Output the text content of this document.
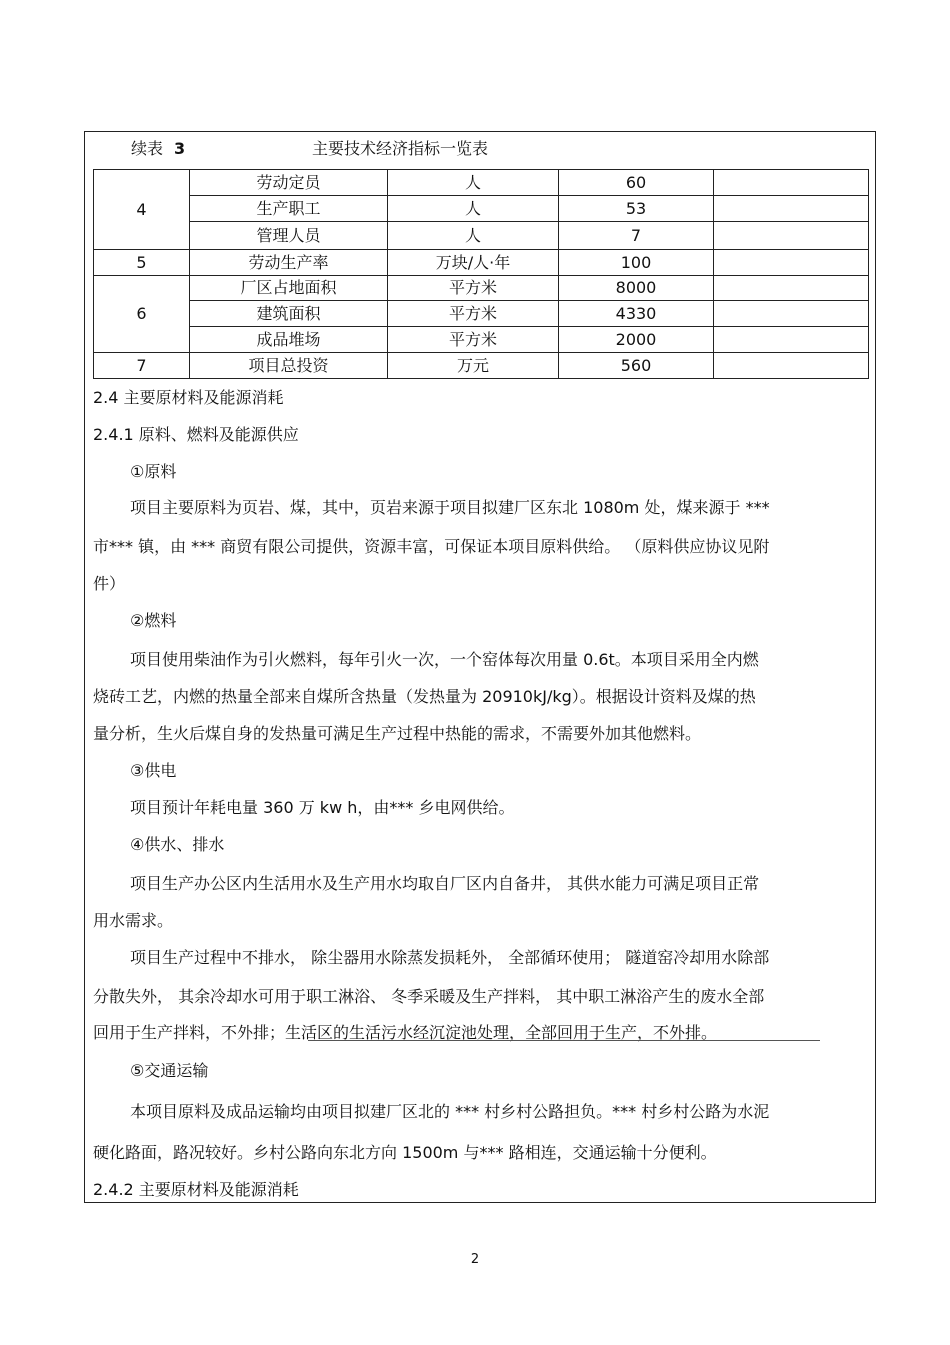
续表 3	主要技术经济指标一览表
4	劳动定员	人	60	
	生产职工	人	53	
	管理人员	人	7	
5	劳动生产率	万块/人·年	100	
6	厂区占地面积	平方米	8000	
	建筑面积	平方米	4330	
	成品堆场	平方米	2000	
7	项目总投资	万元	560	
2.4 主要原材料及能源消耗
2.4.1 原料、燃料及能源供应
①原料
项目主要原料为页岩、煤，其中，页岩来源于项目拟建厂区东北 1080m 处，煤来源于 ***
市*** 镇，由 *** 商贸有限公司提供，资源丰富，可保证本项目原料供给。 （原料供应协议见附
件）
②燃料
项目使用柴油作为引火燃料，每年引火一次，一个窑体每次用量 0.6t。本项目采用全内燃
烧砖工艺，内燃的热量全部来自煤所含热量（发热量为 20910kJ/kg）。根据设计资料及煤的热
量分析，生火后煤自身的发热量可满足生产过程中热能的需求，不需要外加其他燃料。
③供电
项目预计年耗电量 360 万 kw h，由*** 乡电网供给。
④供水、排水
项目生产办公区内生活用水及生产用水均取自厂区内自备井， 其供水能力可满足项目正常
用水需求。
项目生产过程中不排水， 除尘器用水除蒸发损耗外， 全部循环使用； 隧道窑冷却用水除部
分散失外， 其余冷却水可用于职工淋浴、 冬季采暖及生产拌料， 其中职工淋浴产生的废水全部
回用于生产拌料，不外排；生活区的生活污水经沉淀池处理，全部回用于生产，不外排。
⑤交通运输
本项目原料及成品运输均由项目拟建厂区北的 *** 村乡村公路担负。*** 村乡村公路为水泥
硬化路面，路况较好。乡村公路向东北方向 1500m 与*** 路相连，交通运输十分便利。
2.4.2 主要原材料及能源消耗
2
